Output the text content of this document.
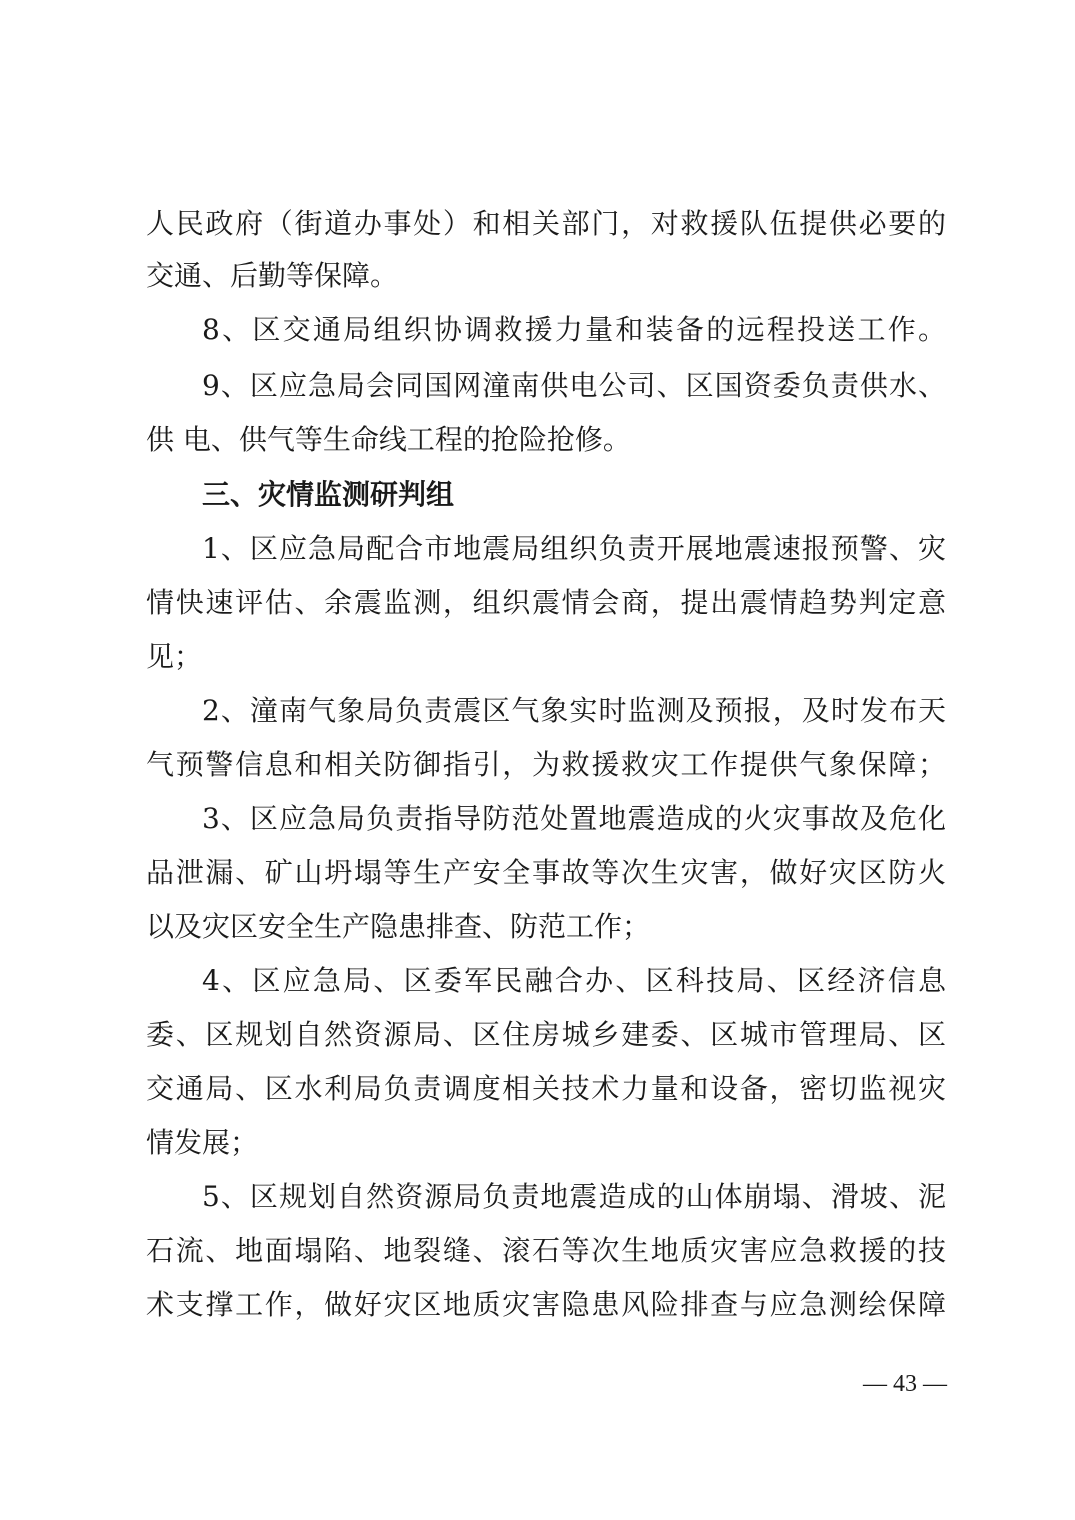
人民政府（街道办事处）和相关部门，对救援队伍提供必要的
交通、后勤等保障。
8、区交通局组织协调救援力量和装备的远程投送工作。
9、区应急局会同国网潼南供电公司、区国资委负责供水、
供 电、供气等生命线工程的抢险抢修。
三、灾情监测研判组
1、区应急局配合市地震局组织负责开展地震速报预警、灾
情快速评估、余震监测，组织震情会商，提出震情趋势判定意
见；
2、潼南气象局负责震区气象实时监测及预报，及时发布天
气预警信息和相关防御指引，为救援救灾工作提供气象保障；
3、区应急局负责指导防范处置地震造成的火灾事故及危化
品泄漏、矿山坍塌等生产安全事故等次生灾害，做好灾区防火
以及灾区安全生产隐患排查、防范工作；
4、区应急局、区委军民融合办、区科技局、区经济信息
委、区规划自然资源局、区住房城乡建委、区城市管理局、区
交通局、区水利局负责调度相关技术力量和设备，密切监视灾
情发展；
5、区规划自然资源局负责地震造成的山体崩塌、滑坡、泥
石流、地面塌陷、地裂缝、滚石等次生地质灾害应急救援的技
术支撑工作，做好灾区地质灾害隐患风险排查与应急测绘保障
— 43 —
